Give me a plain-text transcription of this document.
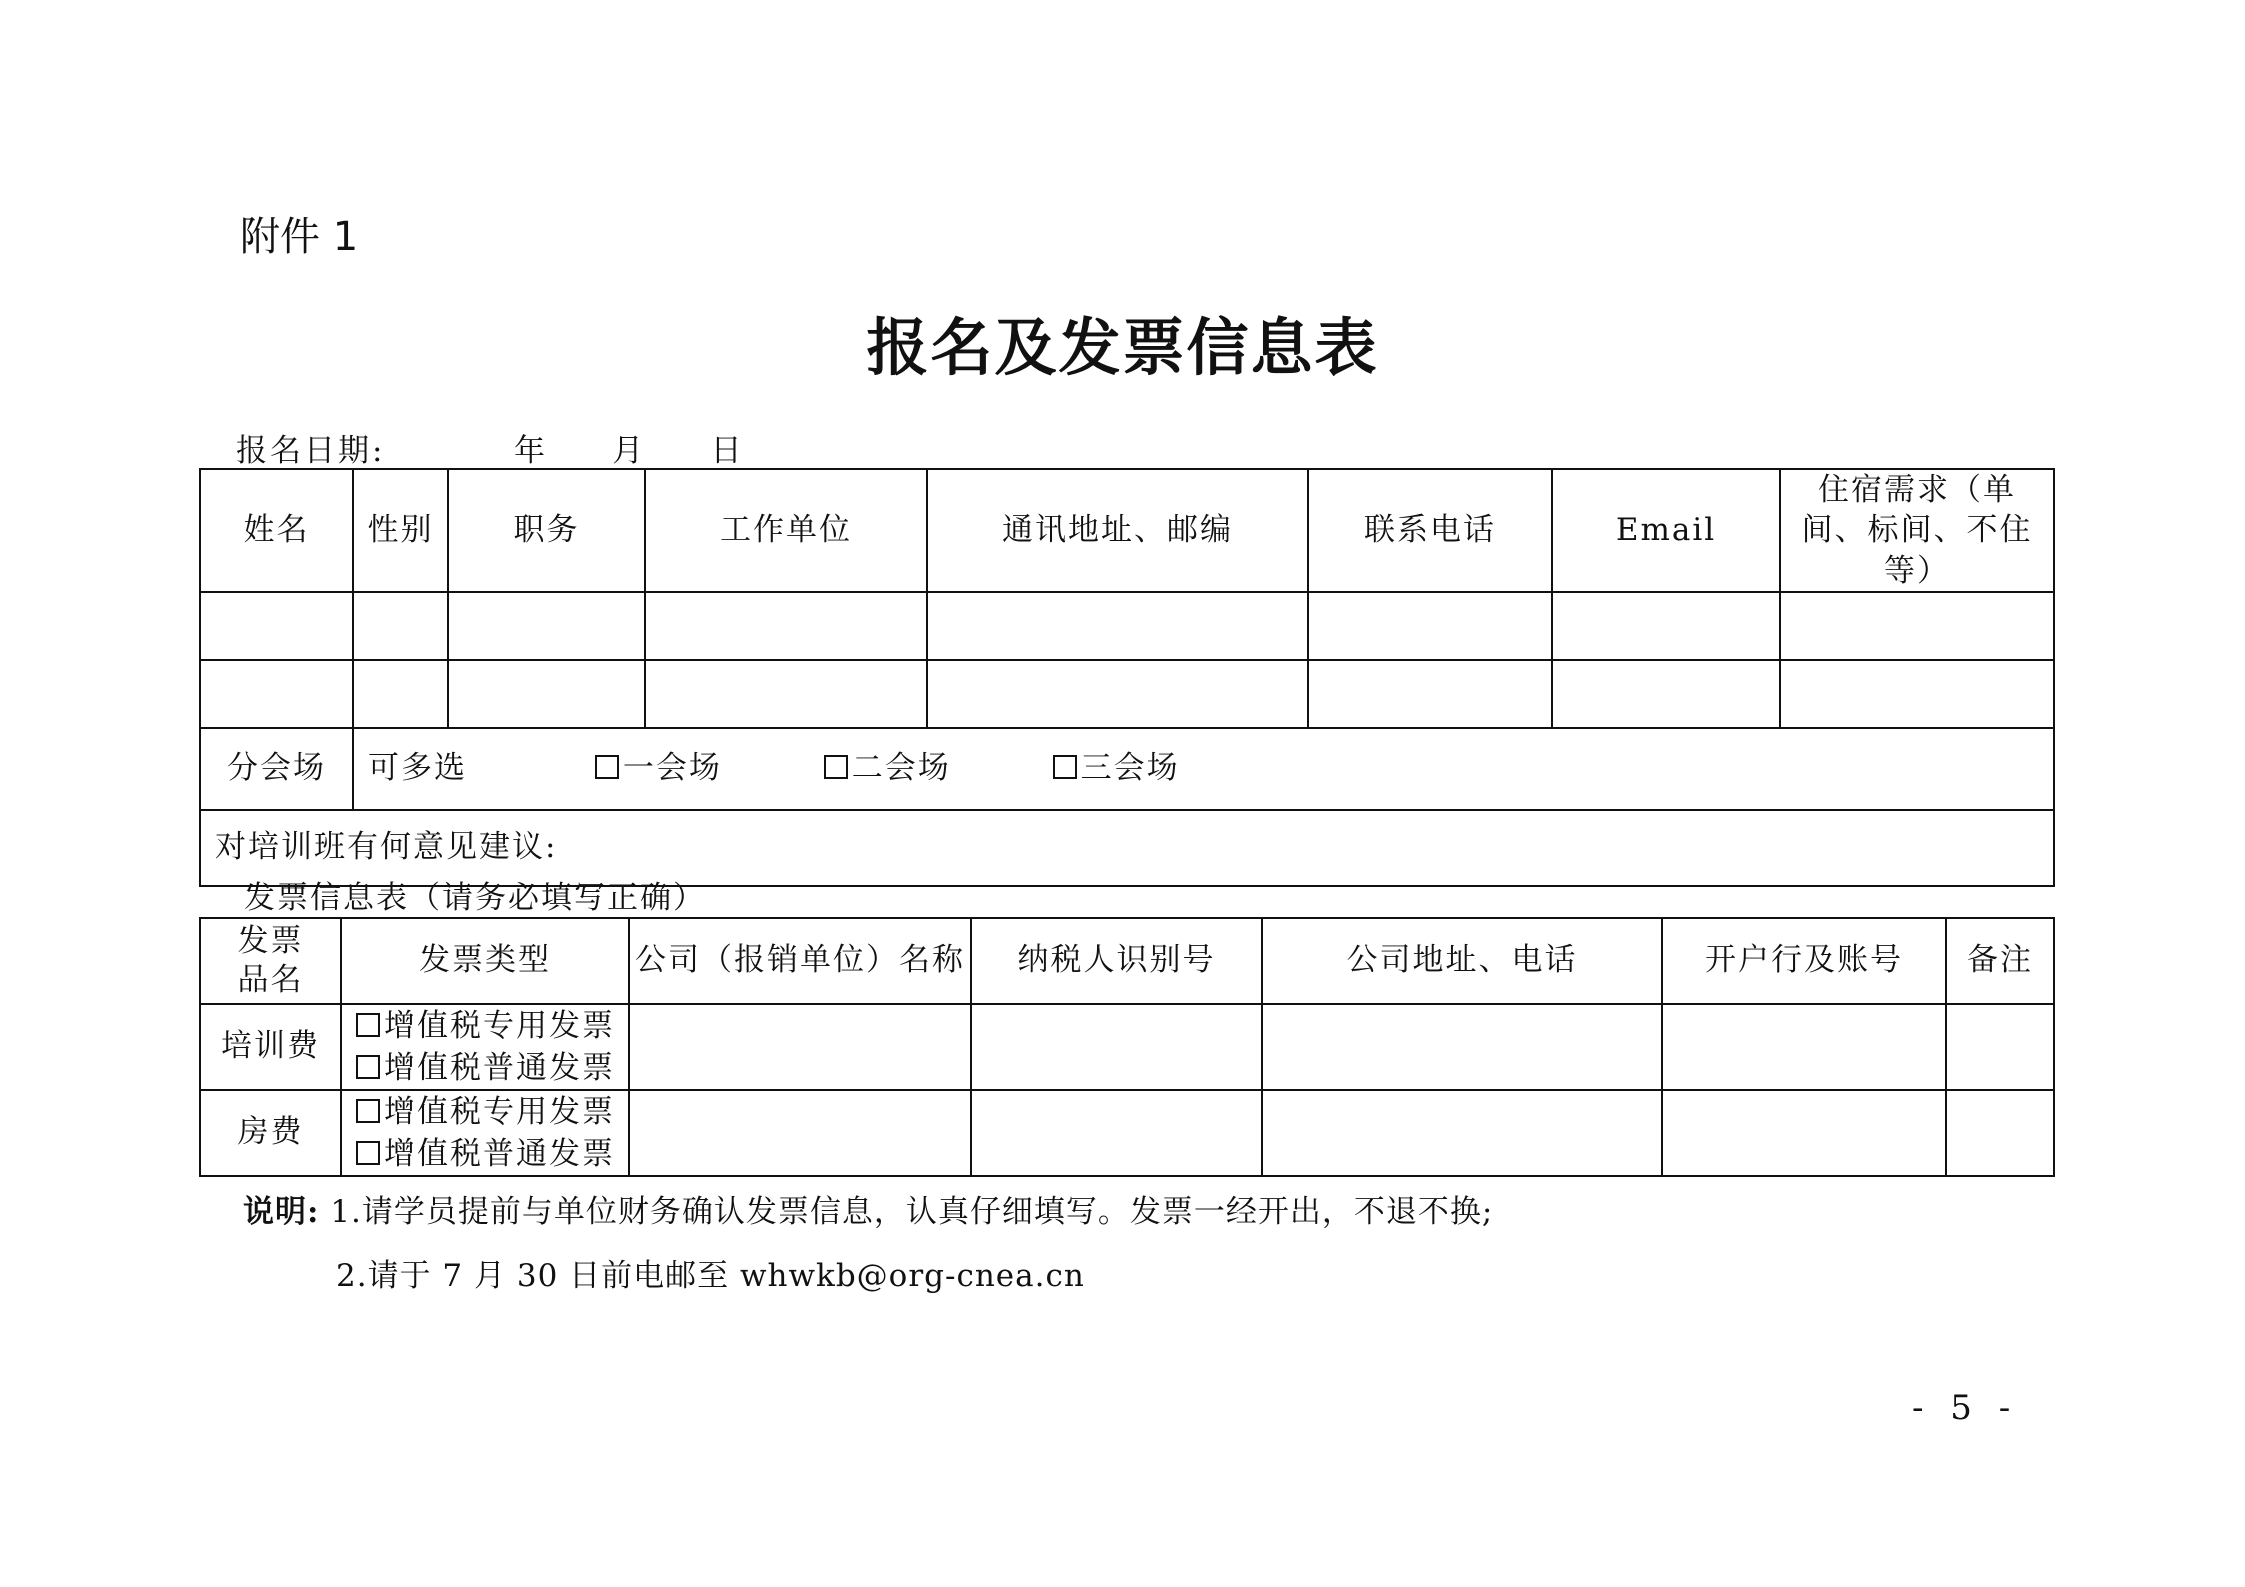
附件 1
报名及发票信息表
报名日期:	年 月 日
姓名	性别	职务	工作单位	通讯地址、邮编	联系电话	Email	住宿需求（单间、标间、不住等）

分会场	可多选 一会场 二会场 三会场						
对培训班有何意见建议:							
发票信息表（请务必填写正确）
发票品名	发票类型	公司（报销单位）名称	纳税人识别号	公司地址、电话	开户行及账号	备注
培训费	增值税专用发票
增值税普通发票					

房费	增值税专用发票
增值税普通发票					

说明: 1.请学员提前与单位财务确认发票信息，认真仔细填写。发票一经开出，不退不换;
2.请于 7 月 30 日前电邮至 whwkb@org-cnea.cn
- 5 -
